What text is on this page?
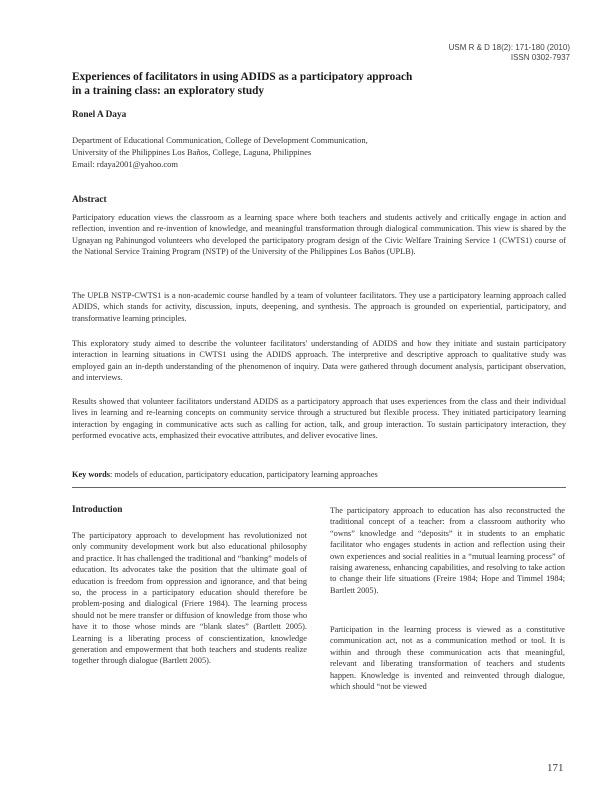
USM R & D 18(2): 171-180 (2010)
ISSN 0302-7937
Experiences of facilitators in using ADIDS as a participatory approach
in a training class: an exploratory study
Ronel A Daya
Department of Educational Communication, College of Development Communication,
University of the Philippines Los Baños, College, Laguna, Philippines
Email: rdaya2001@yahoo.com
Abstract

Participatory education views the classroom as a learning space where both teachers and students actively and critically engage in action and reflection, invention and re-invention of knowledge, and meaningful transformation through dialogical communication. This view is shared by the Ugnayan ng Pahinungod volunteers who developed the participatory program design of the Civic Welfare Training Service 1 (CWTS1) course of the National Service Training Program (NSTP) of the University of the Philippines Los Baños (UPLB).

The UPLB NSTP-CWTS1 is a non-academic course handled by a team of volunteer facilitators. They use a participatory learning approach called ADIDS, which stands for activity, discussion, inputs, deepening, and synthesis. The approach is grounded on experiential, participatory, and transformative learning principles.

This exploratory study aimed to describe the volunteer facilitators' understanding of ADIDS and how they initiate and sustain participatory interaction in learning situations in CWTS1 using the ADIDS approach. The interpretive and descriptive approach to qualitative study was employed gain an in-depth understanding of the phenomenon of inquiry. Data were gathered through document analysis, participant observation, and interviews.

Results showed that volunteer facilitators understand ADIDS as a participatory approach that uses experiences from the class and their individual lives in learning and re-learning concepts on community service through a structured but flexible process. They initiated participatory learning interaction by engaging in communicative acts such as calling for action, talk, and group interaction. To sustain participatory interaction, they performed evocative acts, emphasized their evocative attributes, and deliver evocative lines.

Key words: models of education, participatory education, participatory learning approaches
Introduction

The participatory approach to development has revolutionized not only community development work but also educational philosophy and practice. It has challenged the traditional and “banking” models of education. Its advocates take the position that the ultimate goal of education is freedom from oppression and ignorance, and that being so, the process in a participatory education should therefore be problem-posing and dialogical (Friere 1984). The learning process should not be mere transfer or diffusion of knowledge from those who have it to those whose minds are “blank slates” (Bartlett 2005). Learning is a liberating process of conscientization, knowledge generation and empowerment that both teachers and students realize together through dialogue (Bartlett 2005).

The participatory approach to education has also reconstructed the traditional concept of a teacher: from a classroom authority who “owns” knowledge and “deposits” it in students to an emphatic facilitator who engages students in action and reflection using their own experiences and social realities in a “mutual learning process” of raising awareness, enhancing capabilities, and resolving to take action to change their life situations (Freire 1984; Hope and Timmel 1984; Bartlett 2005).

Participation in the learning process is viewed as a constitutive communication act, not as a communication method or tool. It is within and through these communication acts that meaningful, relevant and liberating transformation of teachers and students happen. Knowledge is invented and reinvented through dialogue, which should “not be viewed

171
